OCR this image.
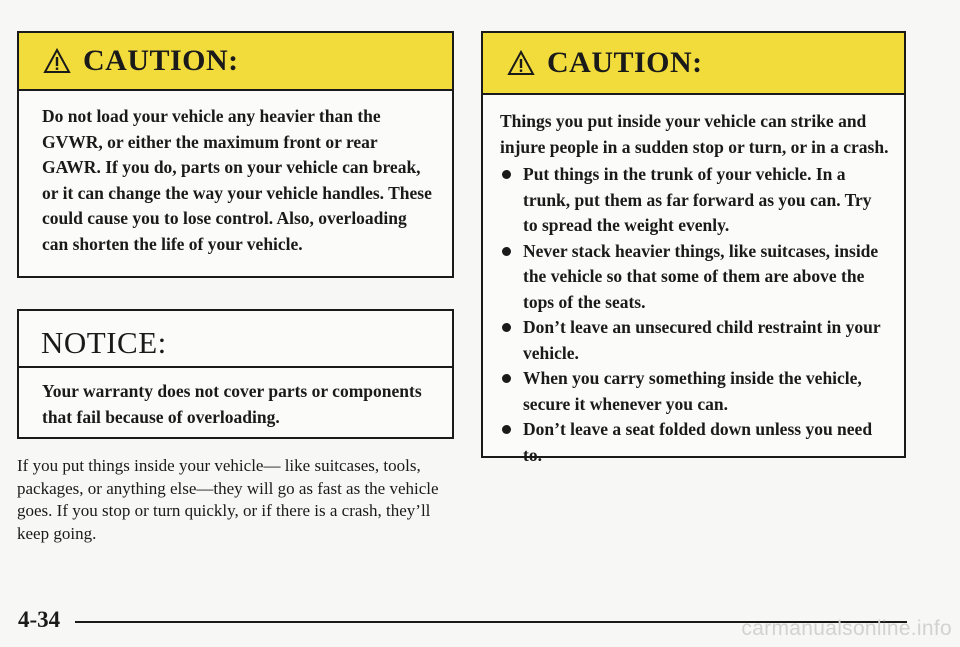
CAUTION:

Do not load your vehicle any heavier than the GVWR, or either the maximum front or rear GAWR. If you do, parts on your vehicle can break, or it can change the way your vehicle handles. These could cause you to lose control. Also, overloading can shorten the life of your vehicle.

NOTICE:

Your warranty does not cover parts or components that fail because of overloading.

If you put things inside your vehicle— like suitcases, tools, packages, or anything else—they will go as fast as the vehicle goes. If you stop or turn quickly, or if there is a crash, they’ll keep going.

CAUTION:

Things you put inside your vehicle can strike and injure people in a sudden stop or turn, or in a crash.

Put things in the trunk of your vehicle. In a trunk, put them as far forward as you can. Try to spread the weight evenly.
Never stack heavier things, like suitcases, inside the vehicle so that some of them are above the tops of the seats.
Don’t leave an unsecured child restraint in your vehicle.
When you carry something inside the vehicle, secure it whenever you can.
Don’t leave a seat folded down unless you need to.
4-34	carmanualsonline.info
